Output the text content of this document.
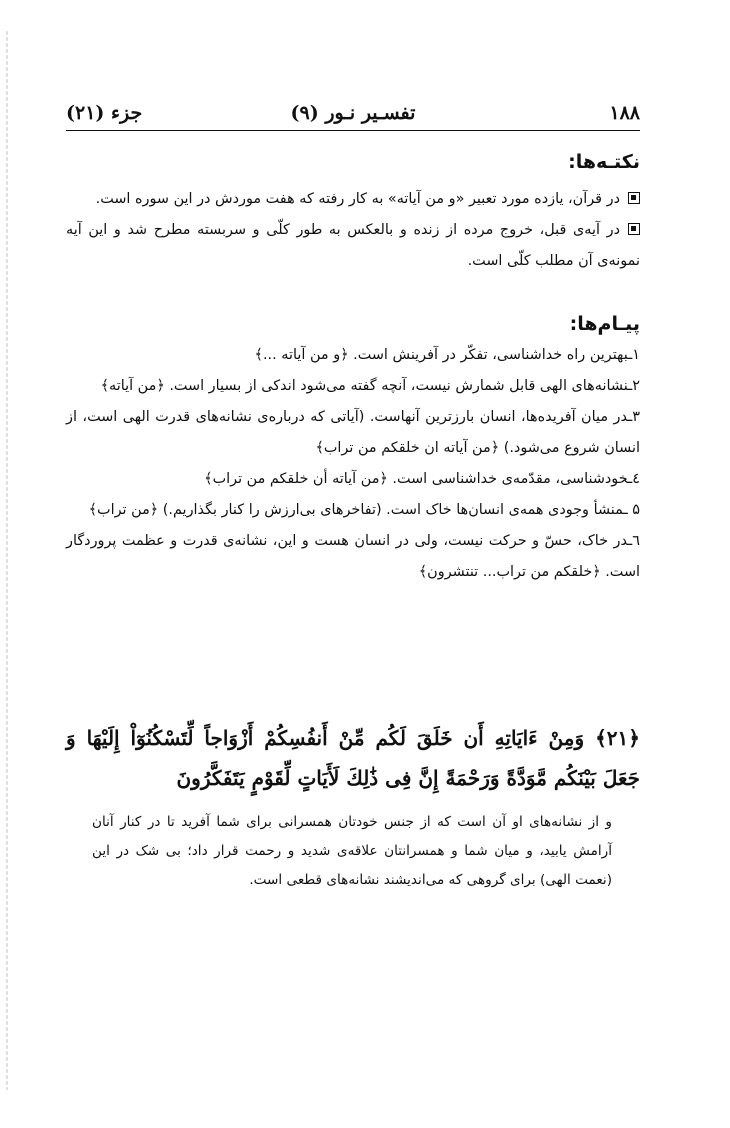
۱۸۸
تفسـیر نـور (۹)
جزء (۲۱)
نکتـه‌ها:
در قرآن، یازده مورد تعبیر «و من آیاته» به کار رفته که هفت موردش در این سوره است.
در آیه‌ی قبل، خروج مرده از زنده و بالعکس به طور کلّی و سربسته مطرح شد و این آیه نمونه‌ی آن مطلب کلّی است.
پیـام‌ها:
۱ـبهترین راه خداشناسی، تفکّر در آفرینش است. ﴿و من آیاته ...﴾
۲ـنشانه‌های الهی قابل شمارش نیست، آنچه گفته می‌شود اندکی از بسیار است. ﴿من آیاته﴾
۳ـدر میان آفریده‌ها، انسان بارزترین آنهاست. (آیاتی که درباره‌ی نشانه‌های قدرت الهی است، از انسان شروع می‌شود.) ﴿من آیاته ان خلقکم من تراب﴾
٤ـخودشناسی، مقدّمه‌ی خداشناسی است. ﴿من آیاته أن خلقکم من تراب﴾
۵ ـمنشأ وجودی همه‌ی انسان‌ها خاک است. (تفاخرهای بی‌ارزش را کنار بگذاریم.) ﴿من تراب﴾
٦ـدر خاک، حسّ و حرکت نیست، ولی در انسان هست و این، نشانه‌ی قدرت و عظمت پروردگار است. ﴿خلقکم من تراب... تنتشرون﴾
﴿۲۱﴾ وَمِنْ ءَايَاتِهِ أَن خَلَقَ لَكُم مِّنْ أَنفُسِكُمْ أَزْوَاجاً لِّتَسْكُنُوٓاْ إِلَيْهَا وَ جَعَلَ بَيْنَكُم مَّوَدَّةً وَرَحْمَةً إِنَّ فِى ذَٰلِكَ لَأَيَاتٍ لِّقَوْمٍ يَتَفَكَّرُونَ
و از نشانه‌های او آن است که از جنس خودتان همسرانی برای شما آفرید تا در کنار آنان آرامش یابید، و میان شما و همسرانتان علاقه‌ی شدید و رحمت قرار داد؛ بی شک در این (نعمت الهی) برای گروهی که می‌اندیشند نشانه‌های قطعی است.
